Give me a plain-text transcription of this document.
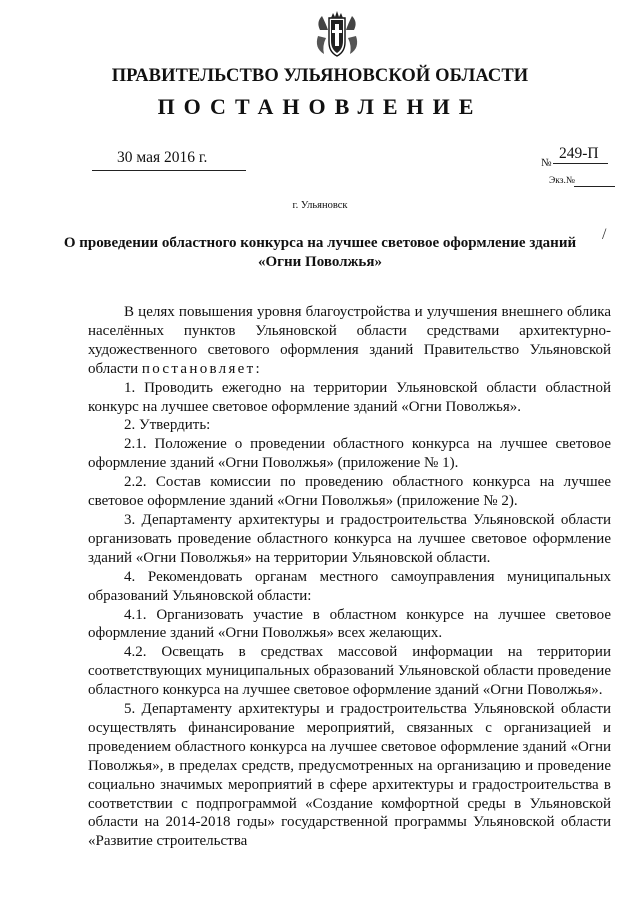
ПРАВИТЕЛЬСТВО УЛЬЯНОВСКОЙ ОБЛАСТИ
ПОСТАНОВЛЕНИЕ
30 мая 2016 г.	№
249-П
Экз.№
г. Ульяновск
О проведении областного конкурса на лучшее световое оформление зданий
«Огни Поволжья»
/

В целях повышения уровня благоустройства и улучшения внешнего облика населённых пунктов Ульяновской области средствами архитектурно-художественного светового оформления зданий Правительство Ульяновской области постановляет:

1. Проводить ежегодно на территории Ульяновской области областной конкурс на лучшее световое оформление зданий «Огни Поволжья».

2. Утвердить:

2.1. Положение о проведении областного конкурса на лучшее световое оформление зданий «Огни Поволжья» (приложение № 1).

2.2. Состав комиссии по проведению областного конкурса на лучшее световое оформление зданий «Огни Поволжья» (приложение № 2).

3. Департаменту архитектуры и градостроительства Ульяновской области организовать проведение областного конкурса на лучшее световое оформление зданий «Огни Поволжья» на территории Ульяновской области.

4. Рекомендовать органам местного самоуправления муниципальных образований Ульяновской области:

4.1. Организовать участие в областном конкурсе на лучшее световое оформление зданий «Огни Поволжья» всех желающих.

4.2. Освещать в средствах массовой информации на территории соответствующих муниципальных образований Ульяновской области проведение областного конкурса на лучшее световое оформление зданий «Огни Поволжья».

5. Департаменту архитектуры и градостроительства Ульяновской области осуществлять финансирование мероприятий, связанных с организацией и проведением областного конкурса на лучшее световое оформление зданий «Огни Поволжья», в пределах средств, предусмотренных на организацию и проведение социально значимых мероприятий в сфере архитектуры и градостроительства в соответствии с подпрограммой «Создание комфортной среды в Ульяновской области на 2014-2018 годы» государственной программы Ульяновской области «Развитие строительства
